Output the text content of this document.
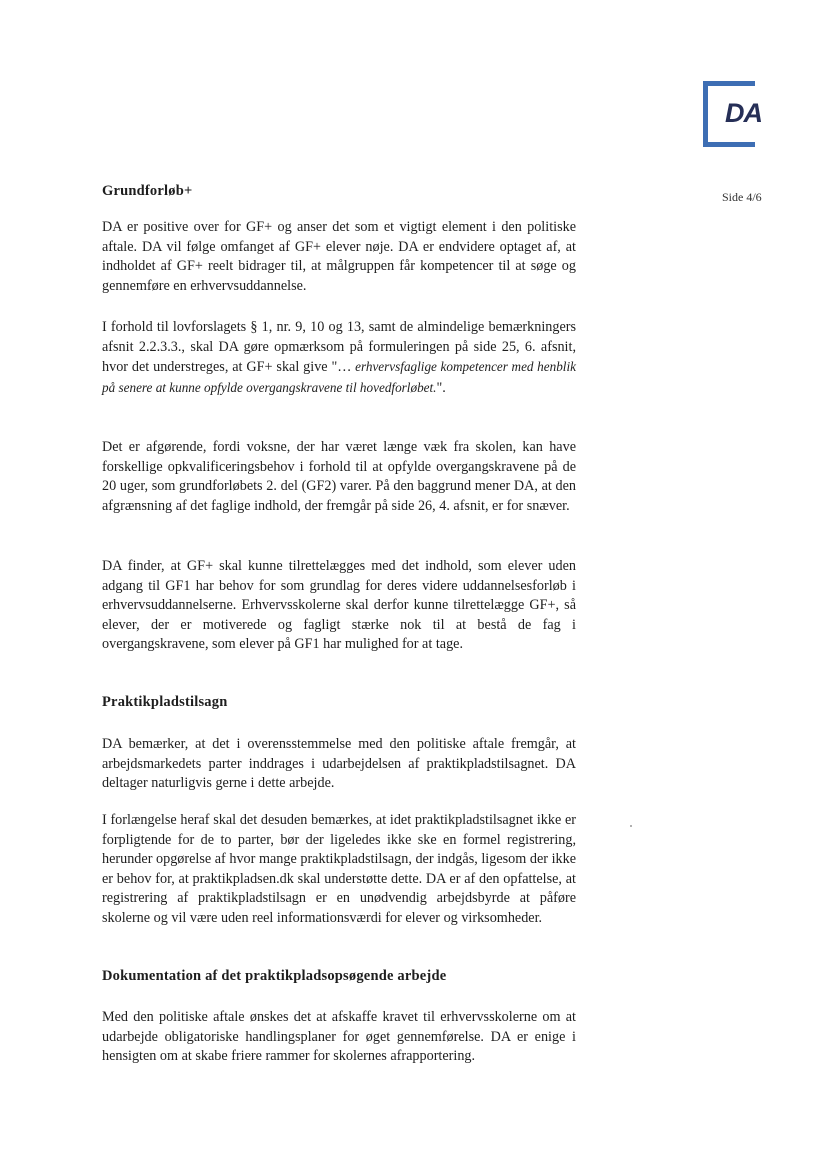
DA
Side 4/6
Grundforløb+

DA er positive over for GF+ og anser det som et vigtigt element i den politiske aftale. DA vil følge omfanget af GF+ elever nøje. DA er endvidere optaget af, at indholdet af GF+ reelt bidrager til, at målgruppen får kompetencer til at søge og gennemføre en erhvervsuddannelse.

I forhold til lovforslagets § 1, nr. 9, 10 og 13, samt de almindelige bemærkningers afsnit 2.2.3.3., skal DA gøre opmærksom på formuleringen på side 25, 6. afsnit, hvor det understreges, at GF+ skal give "… erhvervsfaglige kompetencer med henblik på senere at kunne opfylde overgangskravene til hovedforløbet.".

Det er afgørende, fordi voksne, der har været længe væk fra skolen, kan have forskellige opkvalificeringsbehov i forhold til at opfylde overgangskravene på de 20 uger, som grundforløbets 2. del (GF2) varer. På den baggrund mener DA, at den afgrænsning af det faglige indhold, der fremgår på side 26, 4. afsnit, er for snæver.

DA finder, at GF+ skal kunne tilrettelægges med det indhold, som elever uden adgang til GF1 har behov for som grundlag for deres videre uddannelsesforløb i erhvervsuddannelserne. Erhvervsskolerne skal derfor kunne tilrettelægge GF+, så elever, der er motiverede og fagligt stærke nok til at bestå de fag i overgangskravene, som elever på GF1 har mulighed for at tage.

Praktikpladstilsagn

DA bemærker, at det i overensstemmelse med den politiske aftale fremgår, at arbejdsmarkedets parter inddrages i udarbejdelsen af praktikpladstilsagnet. DA deltager naturligvis gerne i dette arbejde.

I forlængelse heraf skal det desuden bemærkes, at idet praktikpladstilsagnet ikke er forpligtende for de to parter, bør der ligeledes ikke ske en formel registrering, herunder opgørelse af hvor mange praktikpladstilsagn, der indgås, ligesom der ikke er behov for, at praktikpladsen.dk skal understøtte dette. DA er af den opfattelse, at registrering af praktikpladstilsagn er en unødvendig arbejdsbyrde at påføre skolerne og vil være uden reel informationsværdi for elever og virksomheder.

Dokumentation af det praktikpladsopsøgende arbejde

Med den politiske aftale ønskes det at afskaffe kravet til erhvervsskolerne om at udarbejde obligatoriske handlingsplaner for øget gennemførelse. DA er enige i hensigten om at skabe friere rammer for skolernes afrapportering.
